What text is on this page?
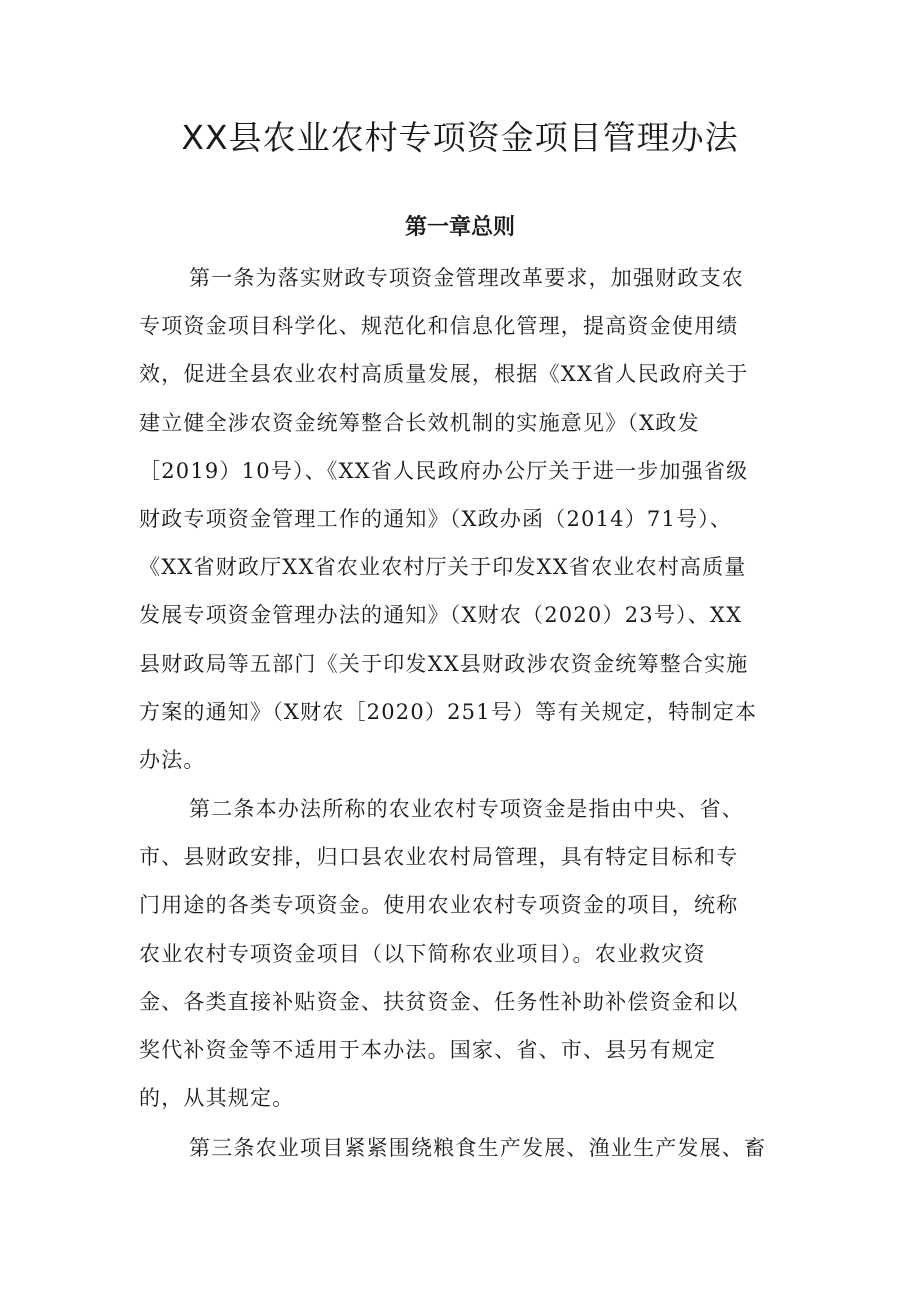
XX县农业农村专项资金项目管理办法
第一章总则
第一条为落实财政专项资金管理改革要求，加强财政支农
专项资金项目科学化、规范化和信息化管理，提高资金使用绩
效，促进全县农业农村高质量发展，根据《XX省人民政府关于
建立健全涉农资金统筹整合长效机制的实施意见》（X政发
［2019）10号）、《XX省人民政府办公厅关于进一步加强省级
财政专项资金管理工作的通知》（X政办函（2014）71号）、
《XX省财政厅XX省农业农村厅关于印发XX省农业农村高质量
发展专项资金管理办法的通知》（X财农（2020）23号）、XX
县财政局等五部门《关于印发XX县财政涉农资金统筹整合实施
方案的通知》（X财农［2020）251号）等有关规定，特制定本
办法。
第二条本办法所称的农业农村专项资金是指由中央、省、
市、县财政安排，归口县农业农村局管理，具有特定目标和专
门用途的各类专项资金。使用农业农村专项资金的项目，统称
农业农村专项资金项目（以下简称农业项目）。农业救灾资
金、各类直接补贴资金、扶贫资金、任务性补助补偿资金和以
奖代补资金等不适用于本办法。国家、省、市、县另有规定
的，从其规定。
第三条农业项目紧紧围绕粮食生产发展、渔业生产发展、畜
